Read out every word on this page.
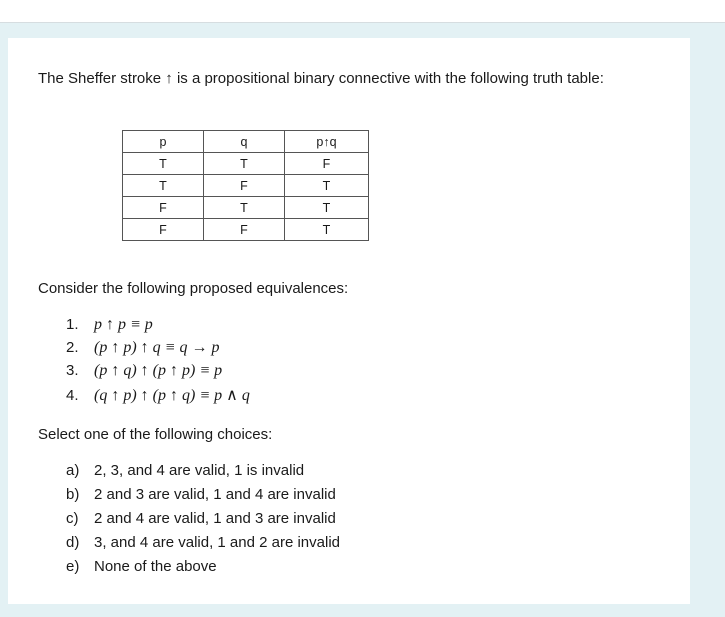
The Sheffer stroke ↑ is a propositional binary connective with the following truth table:
p	q	p↑q
T	T	F
T	F	T
F	T	T
F	F	T
Consider the following proposed equivalences:
1. p ↑ p ≡ p
2. (p ↑ p) ↑ q ≡ q → p
3. (p ↑ q) ↑ (p ↑ p) ≡ p
4. (q ↑ p) ↑ (p ↑ q) ≡ p ∧ q
Select one of the following choices:
a) 2, 3, and 4 are valid, 1 is invalid
b) 2 and 3 are valid, 1 and 4 are invalid
c) 2 and 4 are valid, 1 and 3 are invalid
d) 3, and 4 are valid, 1 and 2 are invalid
e) None of the above
